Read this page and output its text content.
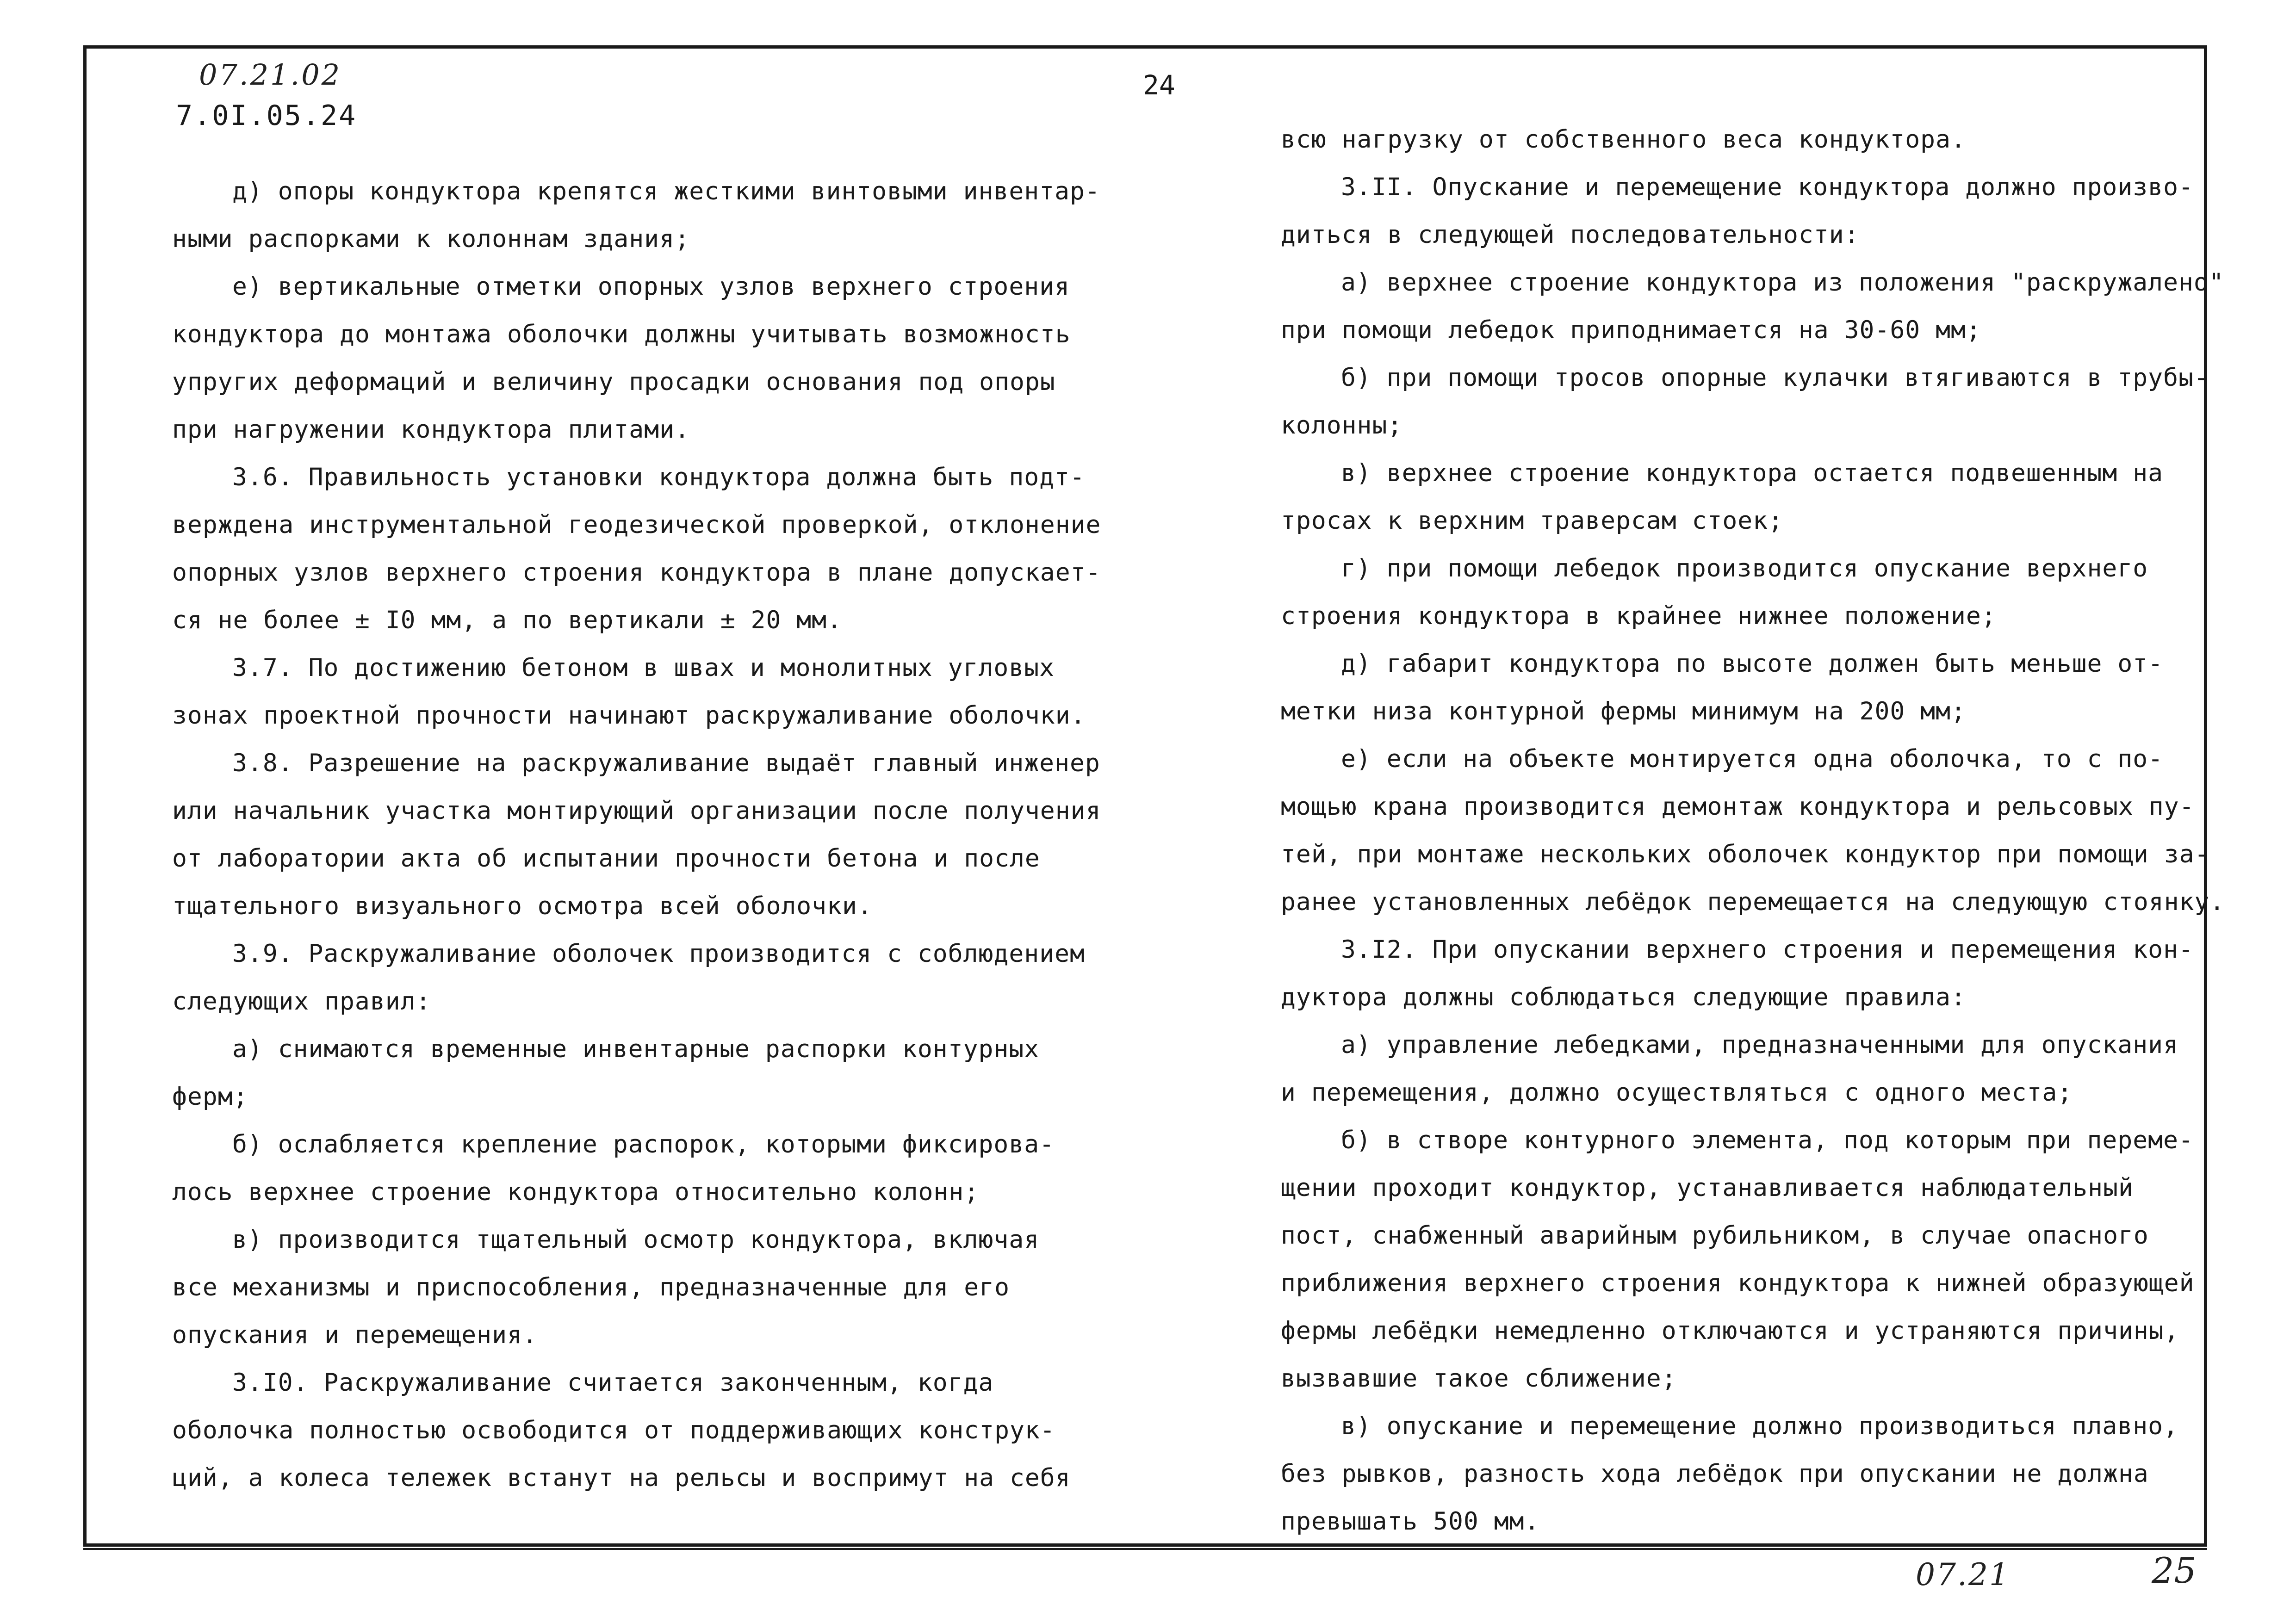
07.21.02
7.0I.05.24
24
д) опоры кондуктора крепятся жесткими винтовыми инвентар-
ными распорками к колоннам здания;
е) вертикальные отметки опорных узлов верхнего строения
кондуктора до монтажа оболочки должны учитывать возможность
упругих деформаций и величину просадки основания под опоры
при нагружении кондуктора плитами.
3.6. Правильность установки кондуктора должна быть подт-
верждена инструментальной геодезической проверкой, отклонение
опорных узлов верхнего строения кондуктора в плане допускает-
ся не более ± I0 мм, а по вертикали ± 20 мм.
3.7. По достижению бетоном в швах и монолитных угловых
зонах проектной прочности начинают раскружаливание оболочки.
3.8. Разрешение на раскружаливание выдаёт главный инженер
или начальник участка монтирующий организации после получения
от лаборатории акта об испытании прочности бетона и после
тщательного визуального осмотра всей оболочки.
3.9. Раскружаливание оболочек производится с соблюдением
следующих правил:
а) снимаются временные инвентарные распорки контурных
ферм;
б) ослабляется крепление распорок, которыми фиксирова-
лось верхнее строение кондуктора относительно колонн;
в) производится тщательный осмотр кондуктора, включая
все механизмы и приспособления, предназначенные для его
опускания и перемещения.
3.I0. Раскружаливание считается законченным, когда
оболочка полностью освободится от поддерживающих конструк-
ций, а колеса тележек встанут на рельсы и воспримут на себя
всю нагрузку от собственного веса кондуктора.
3.II. Опускание и перемещение кондуктора должно произво-
диться в следующей последовательности:
а) верхнее строение кондуктора из положения "раскружалено"
при помощи лебедок приподнимается на 30-60 мм;
б) при помощи тросов опорные кулачки втягиваются в трубы-
колонны;
в) верхнее строение кондуктора остается подвешенным на
тросах к верхним траверсам стоек;
г) при помощи лебедок производится опускание верхнего
строения кондуктора в крайнее нижнее положение;
д) габарит кондуктора по высоте должен быть меньше от-
метки низа контурной фермы минимум на 200 мм;
е) если на объекте монтируется одна оболочка, то с по-
мощью крана производится демонтаж кондуктора и рельсовых пу-
тей, при монтаже нескольких оболочек кондуктор при помощи за-
ранее установленных лебёдок перемещается на следующую стоянку.
3.I2. При опускании верхнего строения и перемещения кон-
дуктора должны соблюдаться следующие правила:
а) управление лебедками, предназначенными для опускания
и перемещения, должно осуществляться с одного места;
б) в створе контурного элемента, под которым при переме-
щении проходит кондуктор, устанавливается наблюдательный
пост, снабженный аварийным рубильником, в случае опасного
приближения верхнего строения кондуктора к нижней образующей
фермы лебёдки немедленно отключаются и устраняются причины,
вызвавшие такое сближение;
в) опускание и перемещение должно производиться плавно,
без рывков, разность хода лебёдок при опускании не должна
превышать 500 мм.
07.21	25
